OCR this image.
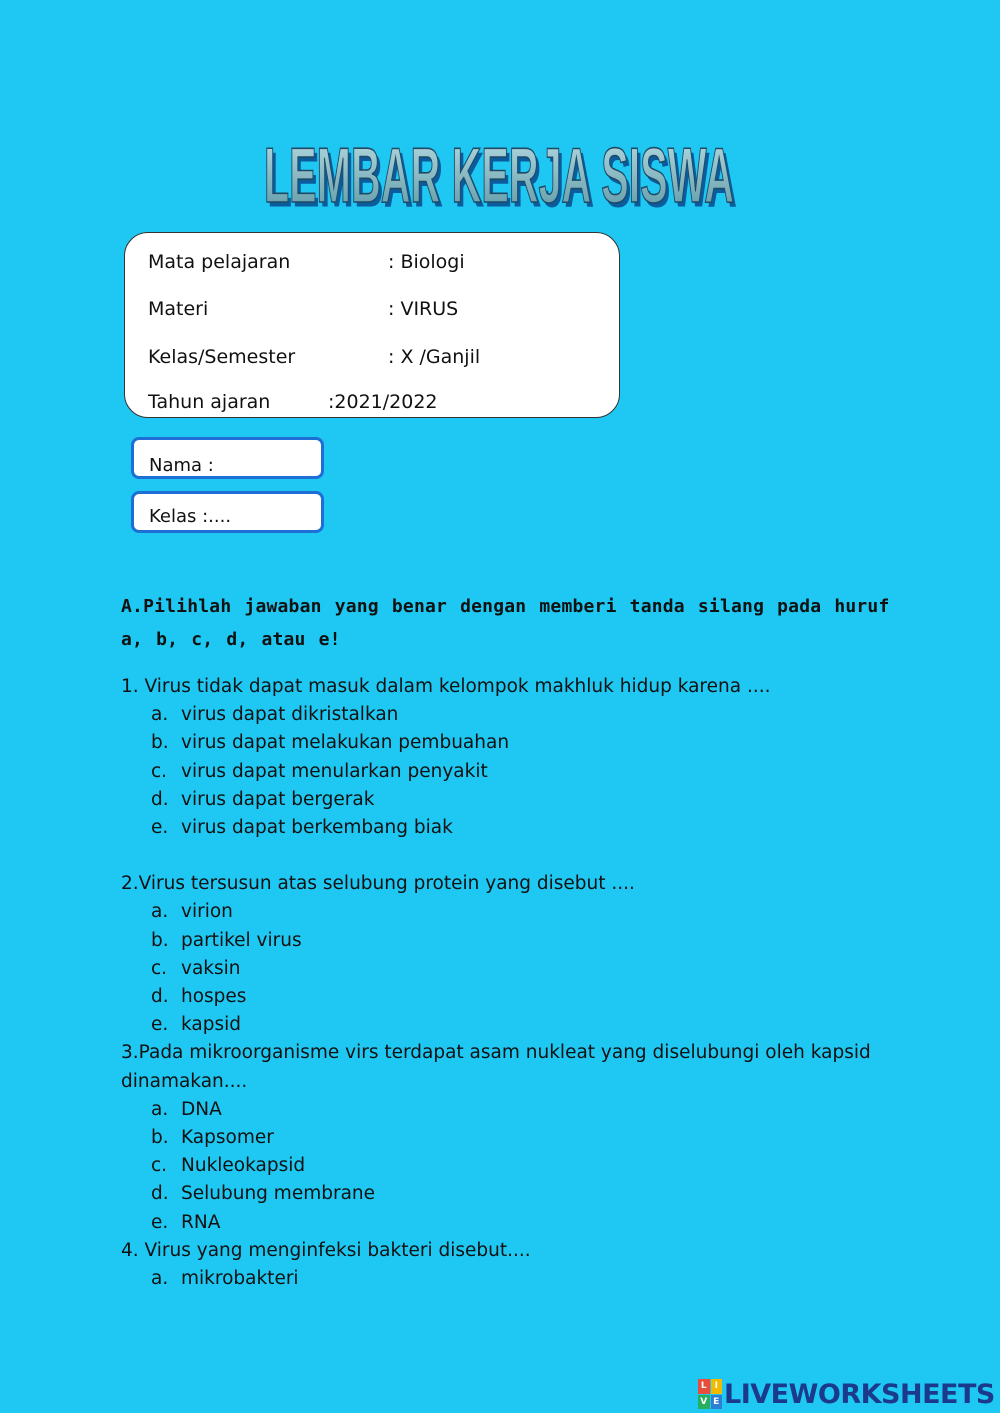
LEMBAR KERJA SISWA
LEMBAR KERJA SISWA
Mata pelajaran	: Biologi
Materi	: VIRUS
Kelas/Semester	: X /Ganjil
Tahun ajaran	:2021/2022
Nama :
Kelas :....
A.Pilihlah jawaban yang benar dengan memberi tanda silang pada huruf a, b, c, d, atau e!

1. Virus tidak dapat masuk dalam kelompok makhluk hidup karena ....

a. virus dapat dikristalkan
b. virus dapat melakukan pembuahan
c. virus dapat menularkan penyakit
d. virus dapat bergerak
e. virus dapat berkembang biak

2.Virus tersusun atas selubung protein yang disebut ....

a. virion
b. partikel virus
c. vaksin
d. hospes
e. kapsid

3.Pada mikroorganisme virs terdapat asam nukleat yang diselubungi oleh kapsid dinamakan....

a. DNA
b. Kapsomer
c. Nukleokapsid
d. Selubung membrane
e. RNA

4. Virus yang menginfeksi bakteri disebut....

a. mikrobakteri
L I
V E LIVEWORKSHEETS
